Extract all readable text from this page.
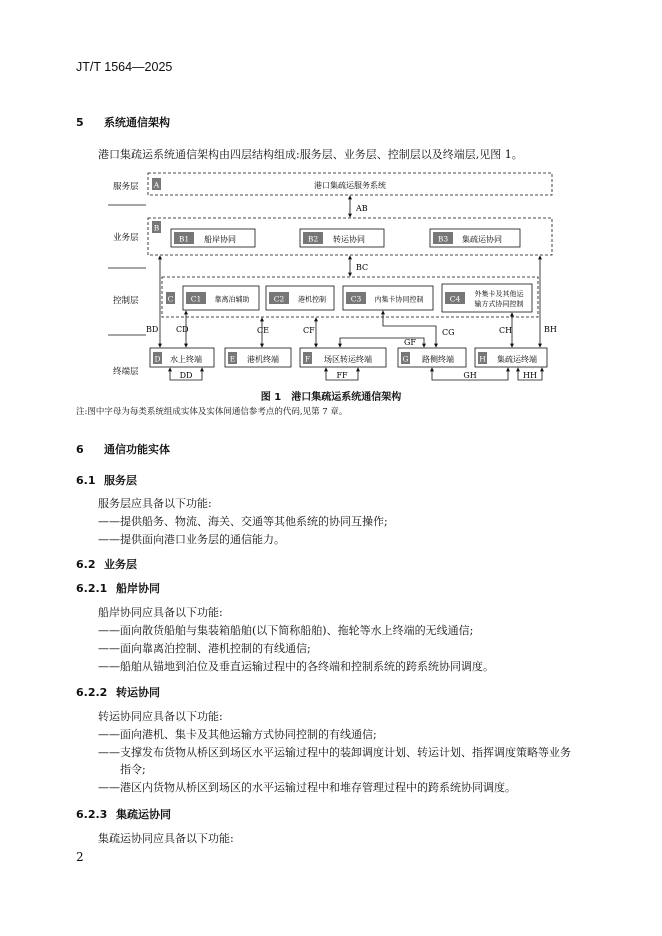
JT/T 1564—2025
5 系统通信架构
港口集疏运系统通信架构由四层结构组成:服务层、业务层、控制层以及终端层,见图 1。
服务层
业务层
控制层
终端层
A	港口集疏运服务系统
AB
B
B1 船岸协同	B2 转运协同	B3 集疏运协同
BC
C C1 靠离泊辅助	C2 港机控制	C3 内集卡协同控制	C4
外集卡及其他运
输方式协同控制
BD	BH
CD	CE	CF
GF
CG	CH
D 水上终端	E 港机终端	F 场区转运终端	G 路侧终端	H 集疏运终端
DD	FF	GH	HH
图 1　港口集疏运系统通信架构
注:图中字母为每类系统组成实体及实体间通信参考点的代码,见第 7 章。
6 通信功能实体
6.1 服务层
服务层应具备以下功能:
——提供船务、物流、海关、交通等其他系统的协同互操作;
——提供面向港口业务层的通信能力。
6.2 业务层
6.2.1 船岸协同
船岸协同应具备以下功能:
——面向散货船舶与集装箱船舶(以下简称船舶)、拖轮等水上终端的无线通信;
——面向靠离泊控制、港机控制的有线通信;
——船舶从锚地到泊位及垂直运输过程中的各终端和控制系统的跨系统协同调度。
6.2.2 转运协同
转运协同应具备以下功能:
——面向港机、集卡及其他运输方式协同控制的有线通信;
——支撑发布货物从桥区到场区水平运输过程中的装卸调度计划、转运计划、指挥调度策略等业务
指令;
——港区内货物从桥区到场区的水平运输过程中和堆存管理过程中的跨系统协同调度。
6.2.3 集疏运协同
集疏运协同应具备以下功能:
2
